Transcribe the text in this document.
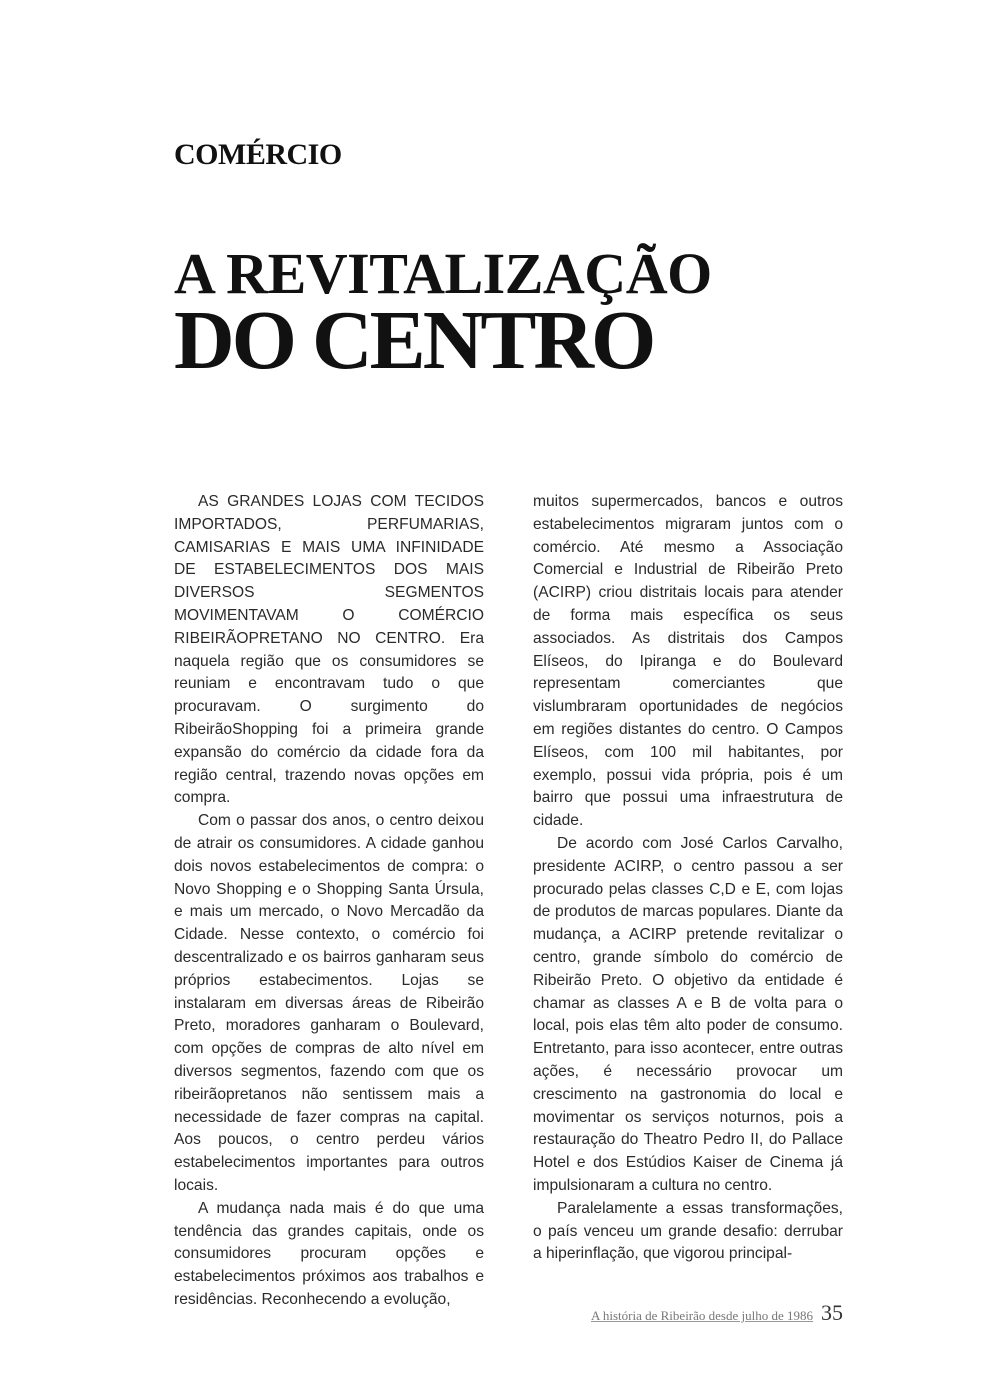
COMÉRCIO
A REVITALIZAÇÃO
DO CENTRO

AS GRANDES LOJAS COM TECIDOS IMPORTADOS, PERFUMARIAS, CAMISARIAS E MAIS UMA INFINIDADE DE ESTABELECIMENTOS DOS MAIS DIVERSOS SEGMENTOS MOVIMENTAVAM O COMÉRCIO RIBEIRÃOPRETANO NO CENTRO. Era naquela região que os consumidores se reuniam e encontravam tudo o que procuravam. O surgimento do RibeirãoShopping foi a primeira grande expansão do comércio da cidade fora da região central, trazendo novas opções em compra.

Com o passar dos anos, o centro deixou de atrair os consumidores. A cidade ganhou dois novos estabelecimentos de compra: o Novo Shopping e o Shopping Santa Úrsula, e mais um mercado, o Novo Mercadão da Cidade. Nesse contexto, o comércio foi descentralizado e os bairros ganharam seus próprios estabecimentos. Lojas se instalaram em diversas áreas de Ribeirão Preto, moradores ganharam o Boulevard, com opções de compras de alto nível em diversos segmentos, fazendo com que os ribeirãopretanos não sentissem mais a necessidade de fazer compras na capital. Aos poucos, o centro perdeu vários estabelecimentos importantes para outros locais.

A mudança nada mais é do que uma tendência das grandes capitais, onde os consumidores procuram opções e estabelecimentos próximos aos trabalhos e residências. Reconhecendo a evolução,

muitos supermercados, bancos e outros estabelecimentos migraram juntos com o comércio. Até mesmo a Associação Comercial e Industrial de Ribeirão Preto (ACIRP) criou distritais locais para atender de forma mais específica os seus associados. As distritais dos Campos Elíseos, do Ipiranga e do Boulevard representam comerciantes que vislumbraram oportunidades de negócios em regiões distantes do centro. O Campos Elíseos, com 100 mil habitantes, por exemplo, possui vida própria, pois é um bairro que possui uma infraestrutura de cidade.

De acordo com José Carlos Carvalho, presidente ACIRP, o centro passou a ser procurado pelas classes C,D e E, com lojas de produtos de marcas populares. Diante da mudança, a ACIRP pretende revitalizar o centro, grande símbolo do comércio de Ribeirão Preto. O objetivo da entidade é chamar as classes A e B de volta para o local, pois elas têm alto poder de consumo. Entretanto, para isso acontecer, entre outras ações, é necessário provocar um crescimento na gastronomia do local e movimentar os serviços noturnos, pois a restauração do Theatro Pedro II, do Pallace Hotel e dos Estúdios Kaiser de Cinema já impulsionaram a cultura no centro.

Paralelamente a essas transformações, o país venceu um grande desafio: derrubar a hiperinflação, que vigorou principal-

A história de Ribeirão desde julho de 1986 35
